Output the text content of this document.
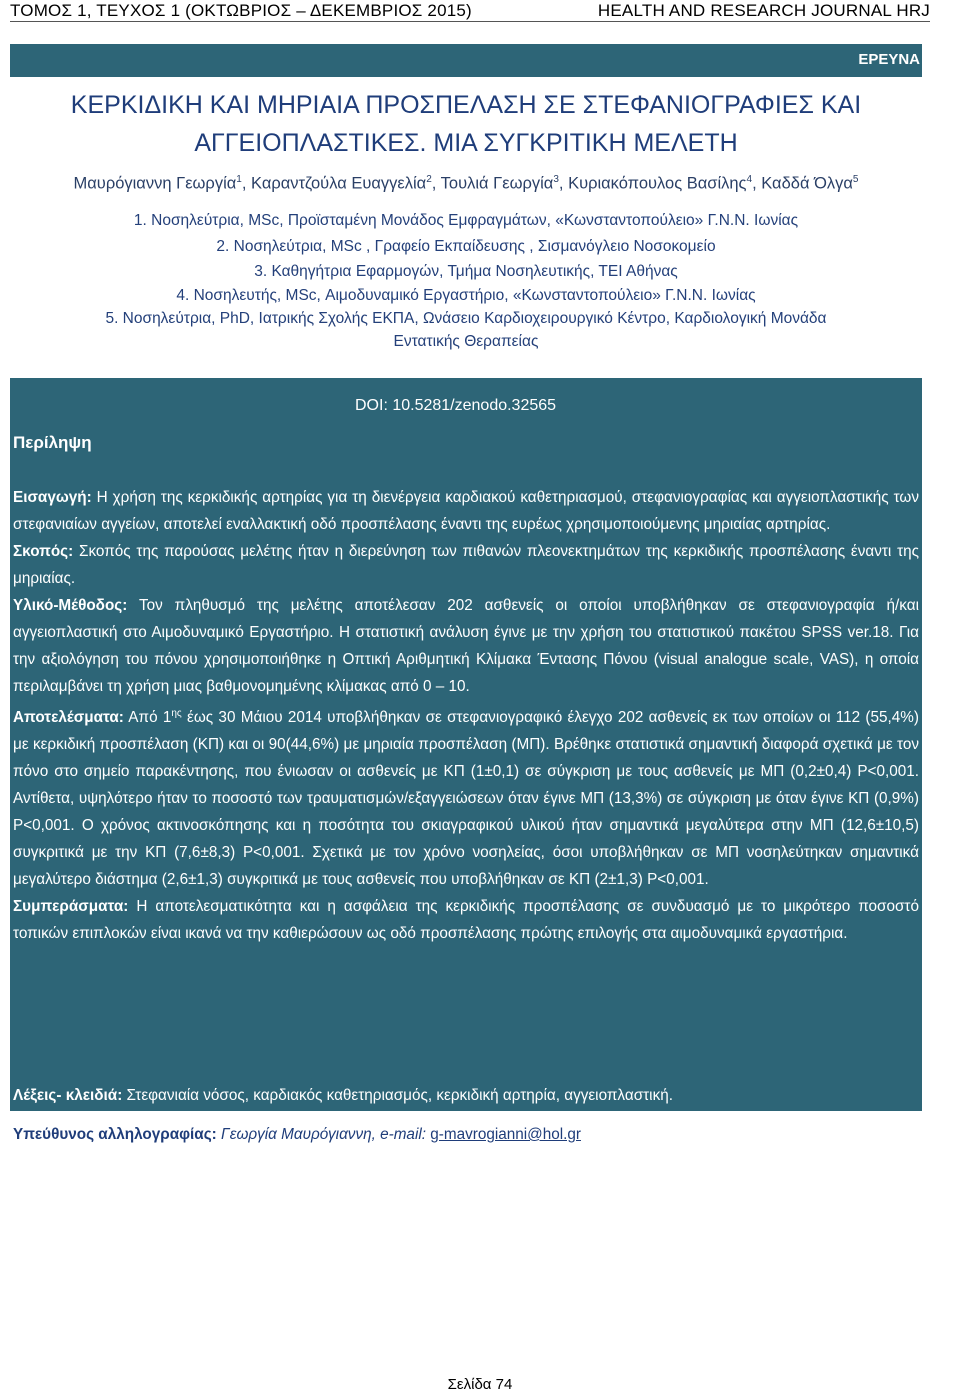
ΤΟΜΟΣ 1, ΤΕΥΧΟΣ 1 (ΟΚΤΩΒΡΙΟΣ – ΔΕΚΕΜΒΡΙΟΣ 2015)	HEALTH AND RESEARCH JOURNAL HRJ
ΕΡΕΥΝΑ
ΚΕΡΚΙΔΙΚΗ ΚΑΙ ΜΗΡΙΑΙΑ ΠΡΟΣΠΕΛΑΣΗ ΣΕ ΣΤΕΦΑΝΙΟΓΡΑΦΙΕΣ ΚΑΙ
ΑΓΓΕΙΟΠΛΑΣΤΙΚΕΣ. ΜΙΑ ΣΥΓΚΡΙΤΙΚΗ ΜΕΛΕΤΗ
Μαυρόγιαννη Γεωργία$^1$, Καραντζούλα Ευαγγελία$^2$, Τουλιά Γεωργία$^3$, Κυριακόπουλος Βασίλης$^4$, Καδδά Όλγα$^5$
1. Νοσηλεύτρια, MSc, Προϊσταμένη Μονάδος Εμφραγμάτων, «Κωνσταντοπούλειο» Γ.Ν.Ν. Ιωνίας
2. Νοσηλεύτρια, MSc , Γραφείο Εκπαίδευσης , Σισμανόγλειο Νοσοκομείο
3. Καθηγήτρια Εφαρμογών, Τμήμα Νοσηλευτικής, ΤΕΙ Αθήνας
4. Νοσηλευτής, MSc, Αιμοδυναμικό Εργαστήριο, «Κωνσταντοπούλειο» Γ.Ν.Ν. Ιωνίας
5. Νοσηλεύτρια, PhD, Ιατρικής Σχολής ΕΚΠΑ, Ωνάσειο Καρδιοχειρουργικό Κέντρο, Καρδιολογική Μονάδα
Εντατικής Θεραπείας
DOI: 10.5281/zenodo.32565
Περίληψη

Εισαγωγή: Η χρήση της κερκιδικής αρτηρίας για τη διενέργεια καρδιακού καθετηριασμού, στεφανιογραφίας και αγγειοπλαστικής των στεφανιαίων αγγείων, αποτελεί εναλλακτική οδό προσπέλασης έναντι της ευρέως χρησιμοποιούμενης μηριαίας αρτηρίας.

Σκοπός: Σκοπός της παρούσας μελέτης ήταν η διερεύνηση των πιθανών πλεονεκτημάτων της κερκιδικής προσπέλασης έναντι της μηριαίας.

Υλικό-Μέθοδος: Τον πληθυσμό της μελέτης αποτέλεσαν 202 ασθενείς οι οποίοι υποβλήθηκαν σε στεφανιογραφία ή/και αγγειοπλαστική στο Αιμοδυναμικό Εργαστήριο. Η στατιστική ανάλυση έγινε με την χρήση του στατιστικού πακέτου SPSS ver.18. Για την αξιολόγηση του πόνου χρησιμοποιήθηκε η Οπτική Αριθμητική Κλίμακα Έντασης Πόνου (visual analogue scale, VAS), η οποία περιλαμβάνει τη χρήση μιας βαθμονομημένης κλίμακας από 0 – 10.

Αποτελέσματα: Από $1^{\eta\varsigma}$ έως 30 Μάιου 2014 υποβλήθηκαν σε στεφανιογραφικό έλεγχο 202 ασθενείς εκ των οποίων οι 112 (55,4%) με κερκιδική προσπέλαση (ΚΠ) και οι 90(44,6%) με μηριαία προσπέλαση (ΜΠ). Βρέθηκε στατιστικά σημαντική διαφορά σχετικά με τον πόνο στο σημείο παρακέντησης, που ένιωσαν οι ασθενείς με ΚΠ (1±0,1) σε σύγκριση με τους ασθενείς με ΜΠ (0,2±0,4) P<0,001. Αντίθετα, υψηλότερο ήταν το ποσοστό των τραυματισμών/εξαγγειώσεων όταν έγινε ΜΠ (13,3%) σε σύγκριση με όταν έγινε ΚΠ (0,9%) P<0,001. Ο χρόνος ακτινοσκόπησης και η ποσότητα του σκιαγραφικού υλικού ήταν σημαντικά μεγαλύτερα στην ΜΠ (12,6±10,5) συγκριτικά με την ΚΠ (7,6±8,3) P<0,001. Σχετικά με τον χρόνο νοσηλείας, όσοι υποβλήθηκαν σε ΜΠ νοσηλεύτηκαν σημαντικά μεγαλύτερο διάστημα (2,6±1,3) συγκριτικά με τους ασθενείς που υποβλήθηκαν σε ΚΠ (2±1,3) P<0,001.

Συμπεράσματα: Η αποτελεσματικότητα και η ασφάλεια της κερκιδικής προσπέλασης σε συνδυασμό με το μικρότερο ποσοστό τοπικών επιπλοκών είναι ικανά να την καθιερώσουν ως οδό προσπέλασης πρώτης επιλογής στα αιμοδυναμικά εργαστήρια.

Λέξεις- κλειδιά: Στεφανιαία νόσος, καρδιακός καθετηριασμός, κερκιδική αρτηρία, αγγειοπλαστική.
Υπεύθυνος αλληλογραφίας: Γεωργία Μαυρόγιαννη, e-mail: g-mavrogianni@hol.gr
Σελίδα 74
